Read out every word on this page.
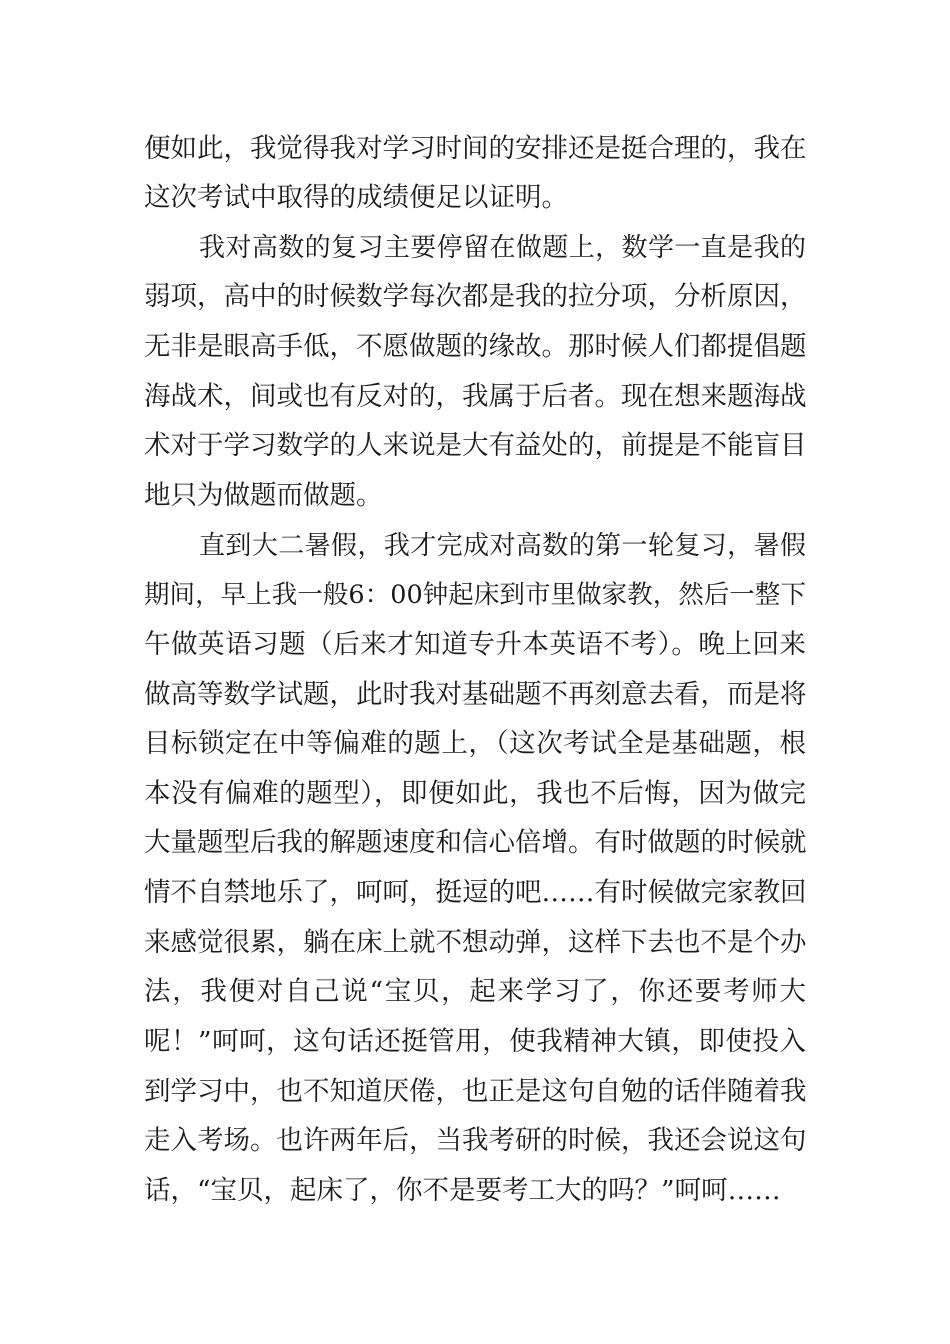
便如此，我觉得我对学习时间的安排还是挺合理的，我在
这次考试中取得的成绩便足以证明。
我对高数的复习主要停留在做题上，数学一直是我的
弱项，高中的时候数学每次都是我的拉分项，分析原因，
无非是眼高手低，不愿做题的缘故。那时候人们都提倡题
海战术，间或也有反对的，我属于后者。现在想来题海战
术对于学习数学的人来说是大有益处的，前提是不能盲目
地只为做题而做题。
直到大二暑假，我才完成对高数的第一轮复习，暑假
期间，早上我一般6：00钟起床到市里做家教，然后一整下
午做英语习题（后来才知道专升本英语不考）。晚上回来
做高等数学试题，此时我对基础题不再刻意去看，而是将
目标锁定在中等偏难的题上，（这次考试全是基础题，根
本没有偏难的题型），即便如此，我也不后悔，因为做完
大量题型后我的解题速度和信心倍增。有时做题的时候就
情不自禁地乐了，呵呵，挺逗的吧……有时候做完家教回
来感觉很累，躺在床上就不想动弹，这样下去也不是个办
法，我便对自己说“宝贝，起来学习了，你还要考师大
呢！”呵呵，这句话还挺管用，使我精神大镇，即使投入
到学习中，也不知道厌倦，也正是这句自勉的话伴随着我
走入考场。也许两年后，当我考研的时候，我还会说这句
话，“宝贝，起床了，你不是要考工大的吗？”呵呵……
